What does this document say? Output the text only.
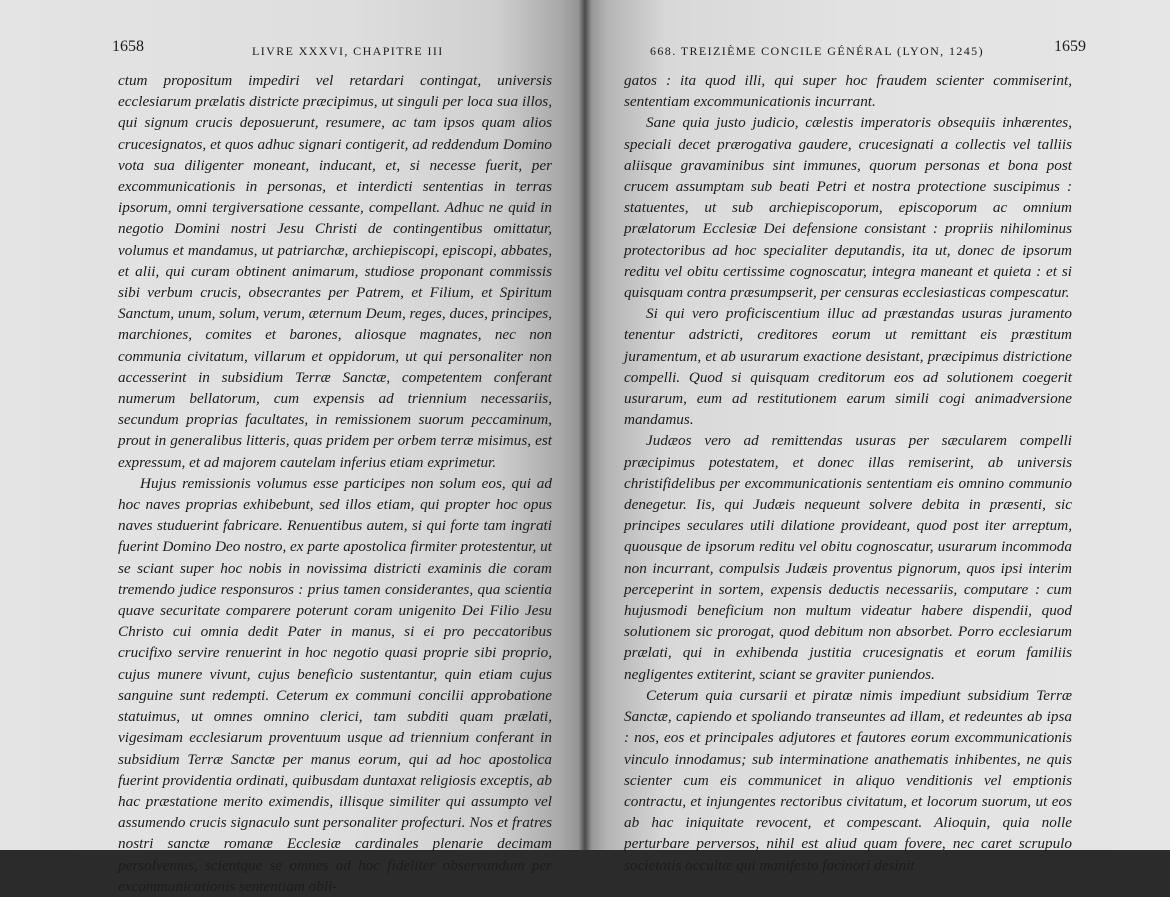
1658	LIVRE XXXVI, CHAPITRE III

ctum propositum impediri vel retardari contingat, universis ecclesiarum prælatis districte præcipimus, ut singuli per loca sua illos, qui signum crucis deposuerunt, resumere, ac tam ipsos quam alios crucesignatos, et quos adhuc signari contigerit, ad reddendum Domino vota sua diligenter moneant, inducant, et, si necesse fuerit, per excommunicationis in personas, et interdicti sententias in terras ipsorum, omni tergiversatione cessante, compellant. Adhuc ne quid in negotio Domini nostri Jesu Christi de contingentibus omittatur, volumus et mandamus, ut patriarchæ, archiepiscopi, episcopi, abbates, et alii, qui curam obtinent animarum, studiose proponant commissis sibi verbum crucis, obsecrantes per Patrem, et Filium, et Spiritum Sanctum, unum, solum, verum, æternum Deum, reges, duces, principes, marchiones, comites et barones, aliosque magnates, nec non communia civitatum, villarum et oppidorum, ut qui personaliter non accesserint in subsidium Terræ Sanctæ, competentem conferant numerum bellatorum, cum expensis ad triennium necessariis, secundum proprias facultates, in remissionem suorum peccaminum, prout in generalibus litteris, quas pridem per orbem terræ misimus, est expressum, et ad majorem cautelam inferius etiam exprimetur.

Hujus remissionis volumus esse participes non solum eos, qui ad hoc naves proprias exhibebunt, sed illos etiam, qui propter hoc opus naves studuerint fabricare. Renuentibus autem, si qui forte tam ingrati fuerint Domino Deo nostro, ex parte apostolica firmiter protestentur, ut se sciant super hoc nobis in novissima districti examinis die coram tremendo judice responsuros : prius tamen considerantes, qua scientia quave securitate comparere poterunt coram unigenito Dei Filio Jesu Christo cui omnia dedit Pater in manus, si ei pro peccatoribus crucifixo servire renuerint in hoc negotio quasi proprie sibi proprio, cujus munere vivunt, cujus beneficio sustentantur, quin etiam cujus sanguine sunt redempti. Ceterum ex communi concilii approbatione statuimus, ut omnes omnino clerici, tam subditi quam prælati, vigesimam ecclesiarum proventuum usque ad triennium conferant in subsidium Terræ Sanctæ per manus eorum, qui ad hoc apostolica fuerint providentia ordinati, quibusdam duntaxat religiosis exceptis, ab hac præstatione merito eximendis, illisque similiter qui assumpto vel assumendo crucis signaculo sunt personaliter profecturi. Nos et fratres nostri sanctæ romanæ Ecclesiæ cardinales plenarie decimam persolvemus, scientque se omnes ad hoc fideliter observandum per excommunicationis sententiam obli-

668. TREIZIÈME CONCILE GÉNÉRAL (LYON, 1245)	1659

gatos : ita quod illi, qui super hoc fraudem scienter commiserint, sententiam excommunicationis incurrant.

Sane quia justo judicio, cælestis imperatoris obsequiis inhærentes, speciali decet prærogativa gaudere, crucesignati a collectis vel talliis aliisque gravaminibus sint immunes, quorum personas et bona post crucem assumptam sub beati Petri et nostra protectione suscipimus : statuentes, ut sub archiepiscoporum, episcoporum ac omnium prælatorum Ecclesiæ Dei defensione consistant : propriis nihilominus protectoribus ad hoc specialiter deputandis, ita ut, donec de ipsorum reditu vel obitu certissime cognoscatur, integra maneant et quieta : et si quisquam contra præsumpserit, per censuras ecclesiasticas compescatur.

Si qui vero proficiscentium illuc ad præstandas usuras juramento tenentur adstricti, creditores eorum ut remittant eis præstitum juramentum, et ab usurarum exactione desistant, præcipimus districtione compelli. Quod si quisquam creditorum eos ad solutionem coegerit usurarum, eum ad restitutionem earum simili cogi animadversione mandamus.

Judæos vero ad remittendas usuras per sæcularem compelli præcipimus potestatem, et donec illas remiserint, ab universis christifidelibus per excommunicationis sententiam eis omnino communio denegetur. Iis, qui Judæis nequeunt solvere debita in præsenti, sic principes seculares utili dilatione provideant, quod post iter arreptum, quousque de ipsorum reditu vel obitu cognoscatur, usurarum incommoda non incurrant, compulsis Judæis proventus pignorum, quos ipsi interim perceperint in sortem, expensis deductis necessariis, computare : cum hujusmodi beneficium non multum videatur habere dispendii, quod solutionem sic prorogat, quod debitum non absorbet. Porro ecclesiarum prælati, qui in exhibenda justitia crucesignatis et eorum familiis negligentes extiterint, sciant se graviter puniendos.

Ceterum quia cursarii et piratæ nimis impediunt subsidium Terræ Sanctæ, capiendo et spoliando transeuntes ad illam, et redeuntes ab ipsa : nos, eos et principales adjutores et fautores eorum excommunicationis vinculo innodamus; sub interminatione anathematis inhibentes, ne quis scienter cum eis communicet in aliquo venditionis vel emptionis contractu, et injungentes rectoribus civitatum, et locorum suorum, ut eos ab hac iniquitate revocent, et compescant. Alioquin, quia nolle perturbare perversos, nihil est aliud quam fovere, nec caret scrupulo societatis occultæ qui manifesto facinori desinit
